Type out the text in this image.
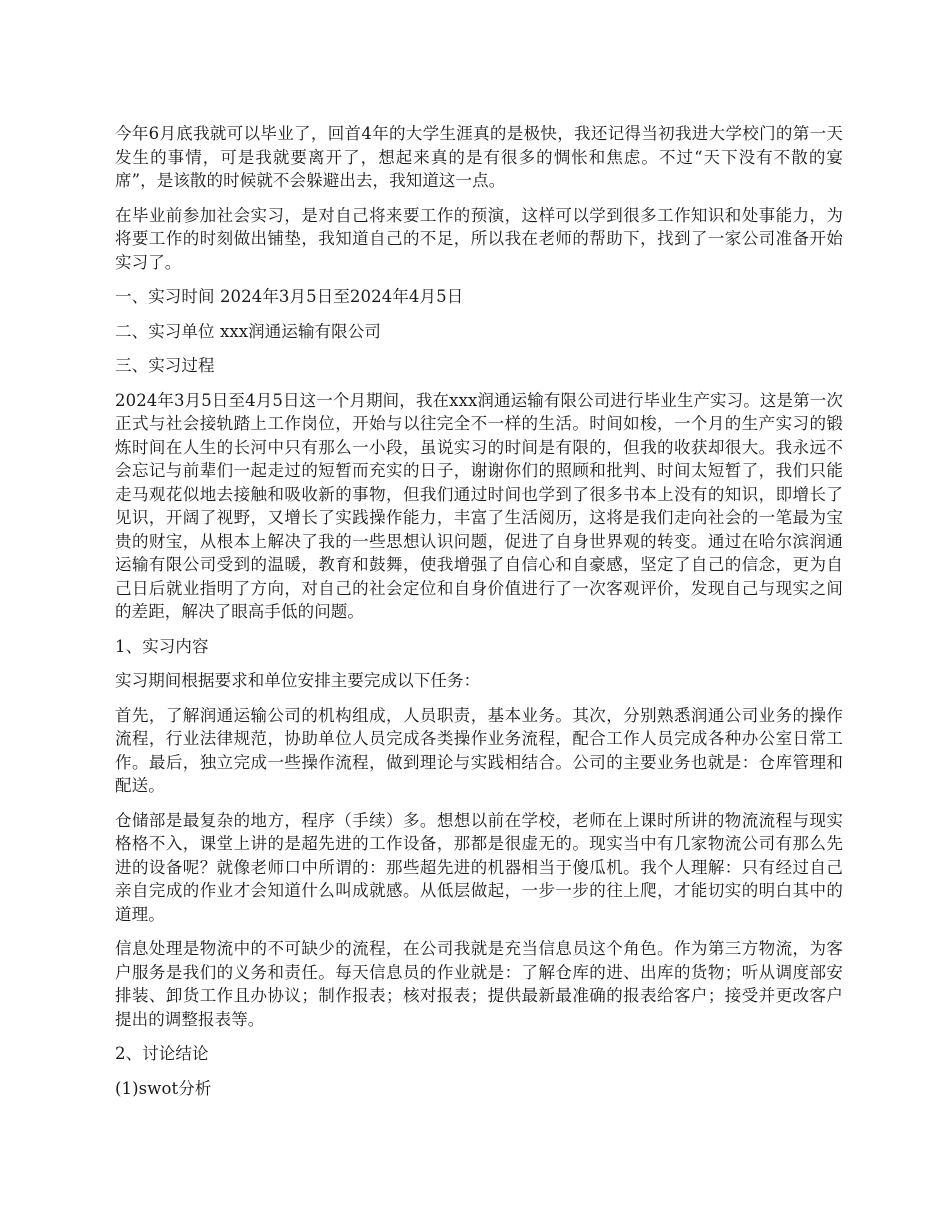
今年6月底我就可以毕业了，回首4年的大学生涯真的是极快，我还记得当初我进大学校门的第一天发生的事情，可是我就要离开了，想起来真的是有很多的惆怅和焦虑。不过“天下没有不散的宴席”，是该散的时候就不会躲避出去，我知道这一点。

在毕业前参加社会实习，是对自己将来要工作的预演，这样可以学到很多工作知识和处事能力，为将要工作的时刻做出铺垫，我知道自己的不足，所以我在老师的帮助下，找到了一家公司准备开始实习了。

一、实习时间 2024年3月5日至2024年4月5日

二、实习单位 xxx润通运输有限公司

三、实习过程

2024年3月5日至4月5日这一个月期间，我在xxx润通运输有限公司进行毕业生产实习。这是第一次正式与社会接轨踏上工作岗位，开始与以往完全不一样的生活。时间如梭，一个月的生产实习的锻炼时间在人生的长河中只有那么一小段，虽说实习的时间是有限的，但我的收获却很大。我永远不会忘记与前辈们一起走过的短暂而充实的日子，谢谢你们的照顾和批判、时间太短暂了，我们只能走马观花似地去接触和吸收新的事物，但我们通过时间也学到了很多书本上没有的知识，即增长了见识，开阔了视野，又增长了实践操作能力，丰富了生活阅历，这将是我们走向社会的一笔最为宝贵的财宝，从根本上解决了我的一些思想认识问题，促进了自身世界观的转变。通过在哈尔滨润通运输有限公司受到的温暖，教育和鼓舞，使我增强了自信心和自豪感，坚定了自己的信念，更为自己日后就业指明了方向，对自己的社会定位和自身价值进行了一次客观评价，发现自己与现实之间的差距，解决了眼高手低的问题。

1、实习内容

实习期间根据要求和单位安排主要完成以下任务：

首先，了解润通运输公司的机构组成，人员职责，基本业务。其次，分别熟悉润通公司业务的操作流程，行业法律规范，协助单位人员完成各类操作业务流程，配合工作人员完成各种办公室日常工作。最后，独立完成一些操作流程，做到理论与实践相结合。公司的主要业务也就是：仓库管理和配送。

仓储部是最复杂的地方，程序（手续）多。想想以前在学校，老师在上课时所讲的物流流程与现实格格不入，课堂上讲的是超先进的工作设备，那都是很虚无的。现实当中有几家物流公司有那么先进的设备呢？就像老师口中所谓的：那些超先进的机器相当于傻瓜机。我个人理解：只有经过自己亲自完成的作业才会知道什么叫成就感。从低层做起，一步一步的往上爬，才能切实的明白其中的道理。

信息处理是物流中的不可缺少的流程，在公司我就是充当信息员这个角色。作为第三方物流，为客户服务是我们的义务和责任。每天信息员的作业就是：了解仓库的进、出库的货物；听从调度部安排装、卸货工作且办协议；制作报表；核对报表；提供最新最准确的报表给客户；接受并更改客户提出的调整报表等。

2、讨论结论

(1)swot分析
